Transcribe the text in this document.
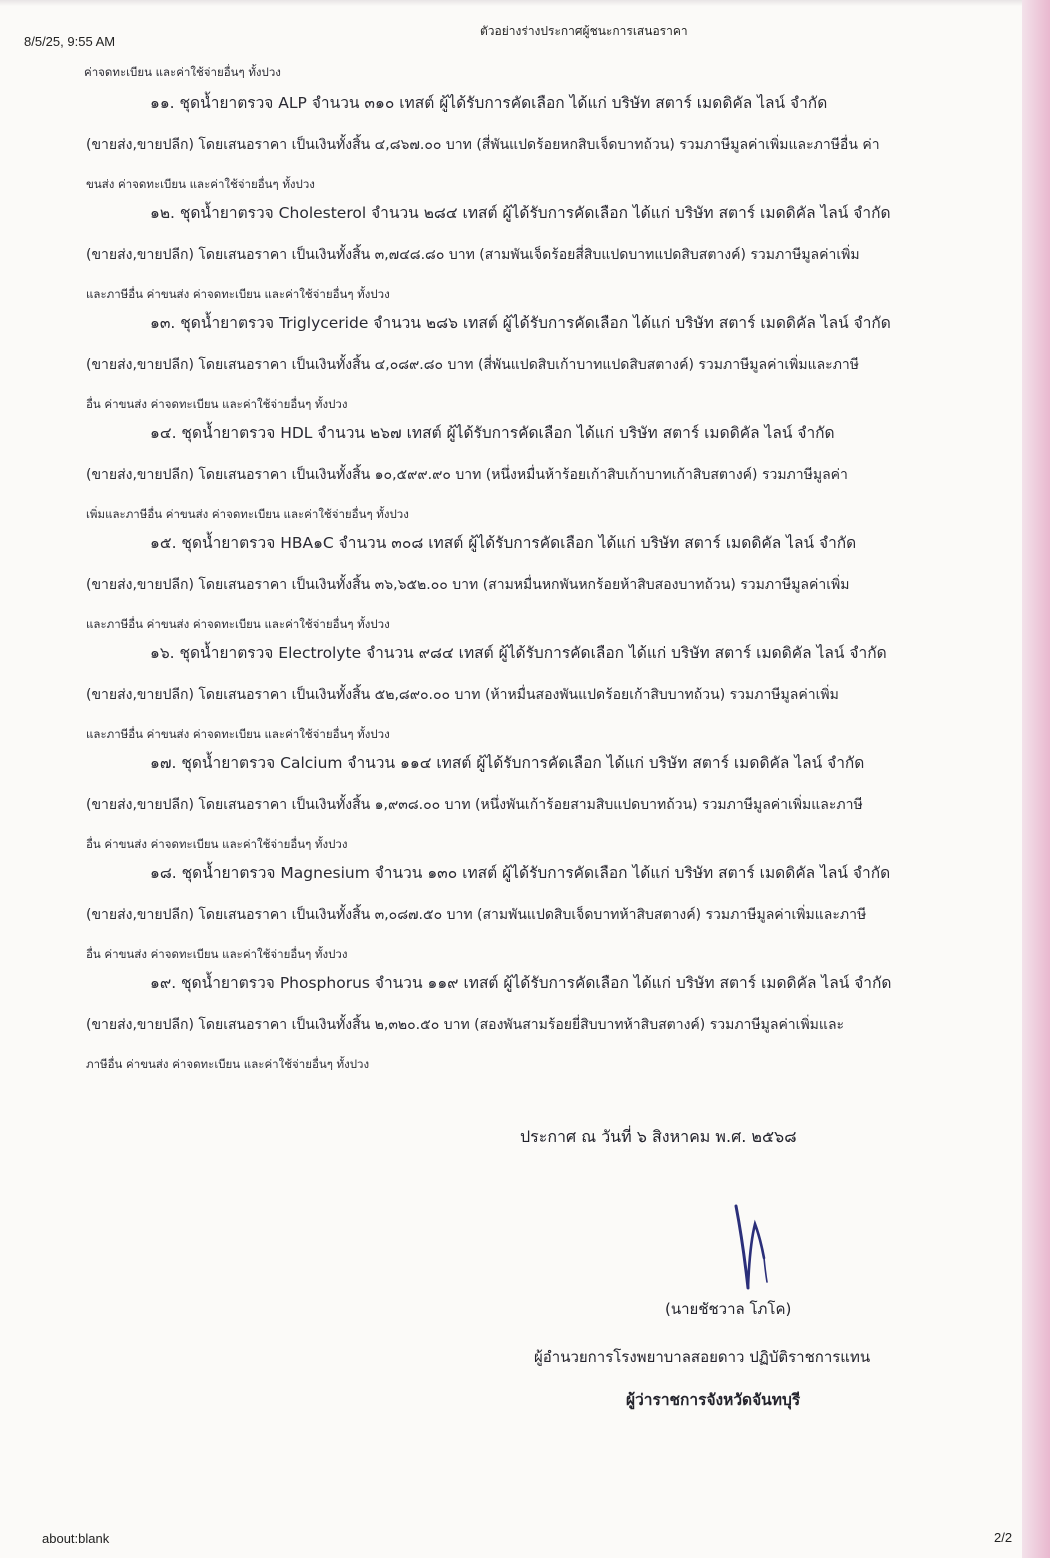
8/5/25, 9:55 AM
ตัวอย่างร่างประกาศผู้ชนะการเสนอราคา
ค่าจดทะเบียน และค่าใช้จ่ายอื่นๆ ทั้งปวง
๑๑. ชุดน้ำยาตรวจ ALP จำนวน ๓๑๐ เทสต์ ผู้ได้รับการคัดเลือก ได้แก่ บริษัท สตาร์ เมดดิคัล ไลน์ จำกัด
(ขายส่ง,ขายปลีก) โดยเสนอราคา เป็นเงินทั้งสิ้น ๔,๘๖๗.๐๐ บาท (สี่พันแปดร้อยหกสิบเจ็ดบาทถ้วน) รวมภาษีมูลค่าเพิ่มและภาษีอื่น ค่า
ขนส่ง ค่าจดทะเบียน และค่าใช้จ่ายอื่นๆ ทั้งปวง
๑๒. ชุดน้ำยาตรวจ Cholesterol จำนวน ๒๘๔ เทสต์ ผู้ได้รับการคัดเลือก ได้แก่ บริษัท สตาร์ เมดดิคัล ไลน์ จำกัด
(ขายส่ง,ขายปลีก) โดยเสนอราคา เป็นเงินทั้งสิ้น ๓,๗๔๘.๘๐ บาท (สามพันเจ็ดร้อยสี่สิบแปดบาทแปดสิบสตางค์) รวมภาษีมูลค่าเพิ่ม
และภาษีอื่น ค่าขนส่ง ค่าจดทะเบียน และค่าใช้จ่ายอื่นๆ ทั้งปวง
๑๓. ชุดน้ำยาตรวจ Triglyceride จำนวน ๒๘๖ เทสต์ ผู้ได้รับการคัดเลือก ได้แก่ บริษัท สตาร์ เมดดิคัล ไลน์ จำกัด
(ขายส่ง,ขายปลีก) โดยเสนอราคา เป็นเงินทั้งสิ้น ๔,๐๘๙.๘๐ บาท (สี่พันแปดสิบเก้าบาทแปดสิบสตางค์) รวมภาษีมูลค่าเพิ่มและภาษี
อื่น ค่าขนส่ง ค่าจดทะเบียน และค่าใช้จ่ายอื่นๆ ทั้งปวง
๑๔. ชุดน้ำยาตรวจ HDL จำนวน ๒๖๗ เทสต์ ผู้ได้รับการคัดเลือก ได้แก่ บริษัท สตาร์ เมดดิคัล ไลน์ จำกัด
(ขายส่ง,ขายปลีก) โดยเสนอราคา เป็นเงินทั้งสิ้น ๑๐,๕๙๙.๙๐ บาท (หนึ่งหมื่นห้าร้อยเก้าสิบเก้าบาทเก้าสิบสตางค์) รวมภาษีมูลค่า
เพิ่มและภาษีอื่น ค่าขนส่ง ค่าจดทะเบียน และค่าใช้จ่ายอื่นๆ ทั้งปวง
๑๕. ชุดน้ำยาตรวจ HBA๑C จำนวน ๓๐๘ เทสต์ ผู้ได้รับการคัดเลือก ได้แก่ บริษัท สตาร์ เมดดิคัล ไลน์ จำกัด
(ขายส่ง,ขายปลีก) โดยเสนอราคา เป็นเงินทั้งสิ้น ๓๖,๖๕๒.๐๐ บาท (สามหมื่นหกพันหกร้อยห้าสิบสองบาทถ้วน) รวมภาษีมูลค่าเพิ่ม
และภาษีอื่น ค่าขนส่ง ค่าจดทะเบียน และค่าใช้จ่ายอื่นๆ ทั้งปวง
๑๖. ชุดน้ำยาตรวจ Electrolyte จำนวน ๙๘๔ เทสต์ ผู้ได้รับการคัดเลือก ได้แก่ บริษัท สตาร์ เมดดิคัล ไลน์ จำกัด
(ขายส่ง,ขายปลีก) โดยเสนอราคา เป็นเงินทั้งสิ้น ๕๒,๘๙๐.๐๐ บาท (ห้าหมื่นสองพันแปดร้อยเก้าสิบบาทถ้วน) รวมภาษีมูลค่าเพิ่ม
และภาษีอื่น ค่าขนส่ง ค่าจดทะเบียน และค่าใช้จ่ายอื่นๆ ทั้งปวง
๑๗. ชุดน้ำยาตรวจ Calcium จำนวน ๑๑๔ เทสต์ ผู้ได้รับการคัดเลือก ได้แก่ บริษัท สตาร์ เมดดิคัล ไลน์ จำกัด
(ขายส่ง,ขายปลีก) โดยเสนอราคา เป็นเงินทั้งสิ้น ๑,๙๓๘.๐๐ บาท (หนึ่งพันเก้าร้อยสามสิบแปดบาทถ้วน) รวมภาษีมูลค่าเพิ่มและภาษี
อื่น ค่าขนส่ง ค่าจดทะเบียน และค่าใช้จ่ายอื่นๆ ทั้งปวง
๑๘. ชุดน้ำยาตรวจ Magnesium จำนวน ๑๓๐ เทสต์ ผู้ได้รับการคัดเลือก ได้แก่ บริษัท สตาร์ เมดดิคัล ไลน์ จำกัด
(ขายส่ง,ขายปลีก) โดยเสนอราคา เป็นเงินทั้งสิ้น ๓,๐๘๗.๕๐ บาท (สามพันแปดสิบเจ็ดบาทห้าสิบสตางค์) รวมภาษีมูลค่าเพิ่มและภาษี
อื่น ค่าขนส่ง ค่าจดทะเบียน และค่าใช้จ่ายอื่นๆ ทั้งปวง
๑๙. ชุดน้ำยาตรวจ Phosphorus จำนวน ๑๑๙ เทสต์ ผู้ได้รับการคัดเลือก ได้แก่ บริษัท สตาร์ เมดดิคัล ไลน์ จำกัด
(ขายส่ง,ขายปลีก) โดยเสนอราคา เป็นเงินทั้งสิ้น ๒,๓๒๐.๕๐ บาท (สองพันสามร้อยยี่สิบบาทห้าสิบสตางค์) รวมภาษีมูลค่าเพิ่มและ
ภาษีอื่น ค่าขนส่ง ค่าจดทะเบียน และค่าใช้จ่ายอื่นๆ ทั้งปวง
ประกาศ ณ วันที่ ๖ สิงหาคม พ.ศ. ๒๕๖๘
(นายชัชวาล โภโค)
ผู้อำนวยการโรงพยาบาลสอยดาว ปฏิบัติราชการแทน
ผู้ว่าราชการจังหวัดจันทบุรี
about:blank	2/2
